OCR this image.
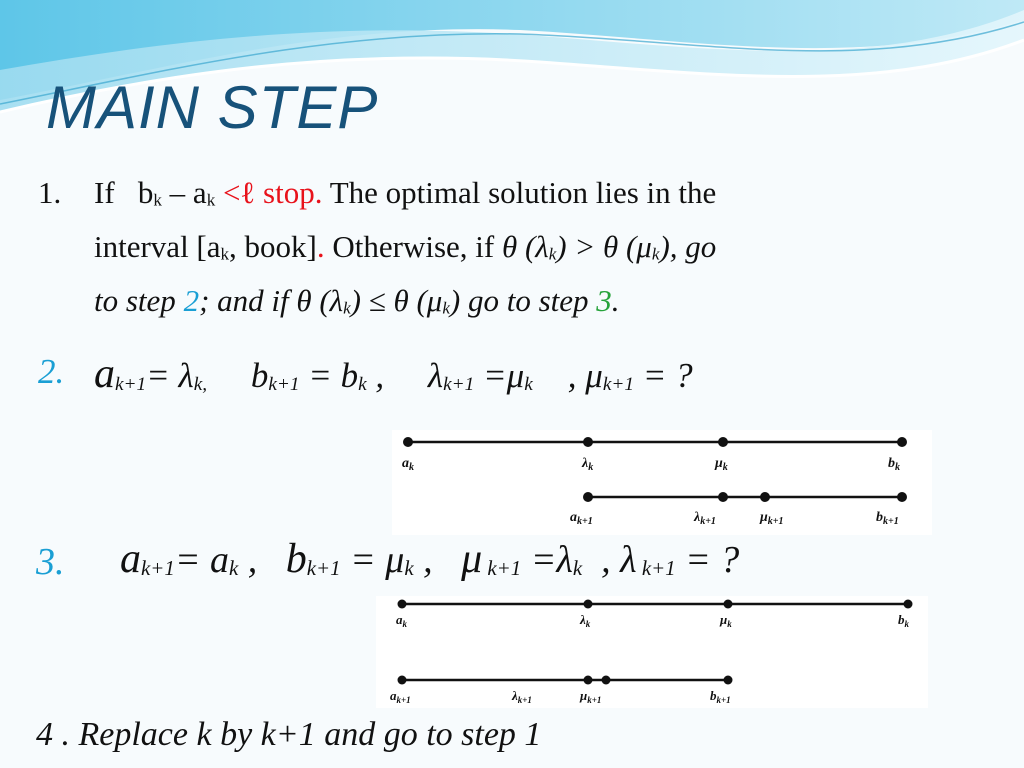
MAIN STEP
1. If $b_k - a_k$ <ℓ stop. The optimal solution lies in the
interval [$a_k$, book]. Otherwise, if θ $(\lambda_k) > \theta$ $(\mu_k)$, go
to step 2; and if θ $(\lambda_k) \le \theta$ $(\mu_k)$ go to step 3.
2. $a_{k+1}= \lambda_{k,}$ $b_{k+1} = b_k$ , $\lambda_{k+1} =\mu_k$ , $\mu_{k+1}$ = ?
$a_k$	$\lambda_k$	$\mu_k$	$b_k$
$a_{k+1}$	$\lambda_{k+1}$	$\mu_{k+1}$	$b_{k+1}$
3. $a_{k+1}= a_k$ , $b_{k+1} = \mu_k$ , μ $_{k+1} =\lambda_k$ , λ $_{k+1}$ = ?
$a_k$	$\lambda_k$	$\mu_k$	$b_k$
$a_{k+1}$	$\lambda_{k+1}$	$\mu_{k+1}$	$b_{k+1}$
4 . Replace k by k+1 and go to step 1
